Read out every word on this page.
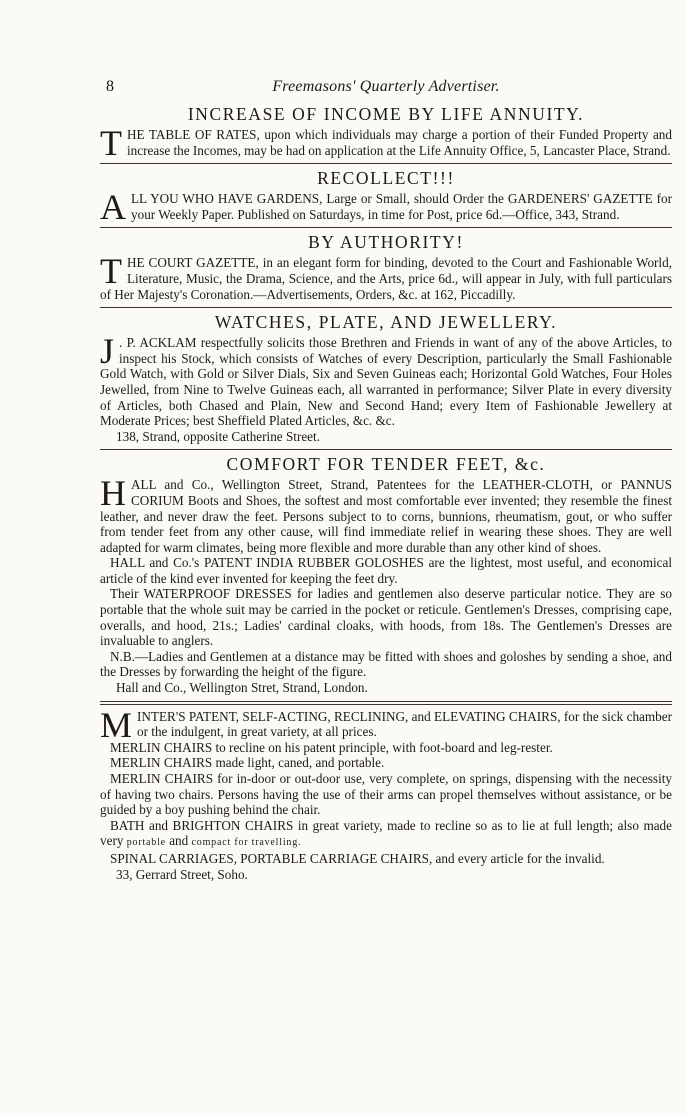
8	Freemasons' Quarterly Advertiser.
INCREASE OF INCOME BY LIFE ANNUITY.
T HE TABLE OF RATES, upon which individuals may charge a portion of their Funded Property and increase the Incomes, may be had on application at the Life Annuity Office, 5, Lancaster Place, Strand.

RECOLLECT!!!
A LL YOU WHO HAVE GARDENS, Large or Small, should Order the GARDENERS' GAZETTE for your Weekly Paper. Published on Saturdays, in time for Post, price 6d.—Office, 343, Strand.

BY AUTHORITY!
T HE COURT GAZETTE, in an elegant form for binding, devoted to the Court and Fashionable World, Literature, Music, the Drama, Science, and the Arts, price 6d., will appear in July, with full particulars of Her Majesty's Coronation.—Advertisements, Orders, &c. at 162, Piccadilly.

WATCHES, PLATE, AND JEWELLERY.
J . P. ACKLAM respectfully solicits those Brethren and Friends in want of any of the above Articles, to inspect his Stock, which consists of Watches of every Description, particularly the Small Fashionable Gold Watch, with Gold or Silver Dials, Six and Seven Guineas each; Horizontal Gold Watches, Four Holes Jewelled, from Nine to Twelve Guineas each, all warranted in performance; Silver Plate in every diversity of Articles, both Chased and Plain, New and Second Hand; every Item of Fashionable Jewellery at Moderate Prices; best Sheffield Plated Articles, &c. &c.

138, Strand, opposite Catherine Street.

COMFORT FOR TENDER FEET, &c.
H ALL and Co., Wellington Street, Strand, Patentees for the LEATHER-CLOTH, or PANNUS CORIUM Boots and Shoes, the softest and most comfortable ever invented; they resemble the finest leather, and never draw the feet. Persons subject to to corns, bunnions, rheumatism, gout, or who suffer from tender feet from any other cause, will find immediate relief in wearing these shoes. They are well adapted for warm climates, being more flexible and more durable than any other kind of shoes.

HALL and Co.'s PATENT INDIA RUBBER GOLOSHES are the lightest, most useful, and economical article of the kind ever invented for keeping the feet dry.

Their WATERPROOF DRESSES for ladies and gentlemen also deserve particular notice. They are so portable that the whole suit may be carried in the pocket or reticule. Gentlemen's Dresses, comprising cape, overalls, and hood, 21s.; Ladies' cardinal cloaks, with hoods, from 18s. The Gentlemen's Dresses are invaluable to anglers.

N.B.—Ladies and Gentlemen at a distance may be fitted with shoes and goloshes by sending a shoe, and the Dresses by forwarding the height of the figure.

Hall and Co., Wellington Stret, Strand, London.

M INTER'S PATENT, SELF-ACTING, RECLINING, and ELEVATING CHAIRS, for the sick chamber or the indulgent, in great variety, at all prices.

MERLIN CHAIRS to recline on his patent principle, with foot-board and leg-rester.

MERLIN CHAIRS made light, caned, and portable.

MERLIN CHAIRS for in-door or out-door use, very complete, on springs, dispensing with the necessity of having two chairs. Persons having the use of their arms can propel themselves without assistance, or be guided by a boy pushing behind the chair.

BATH and BRIGHTON CHAIRS in great variety, made to recline so as to lie at full length; also made very portable and compact for travelling.

SPINAL CARRIAGES, PORTABLE CARRIAGE CHAIRS, and every article for the invalid.

33, Gerrard Street, Soho.
